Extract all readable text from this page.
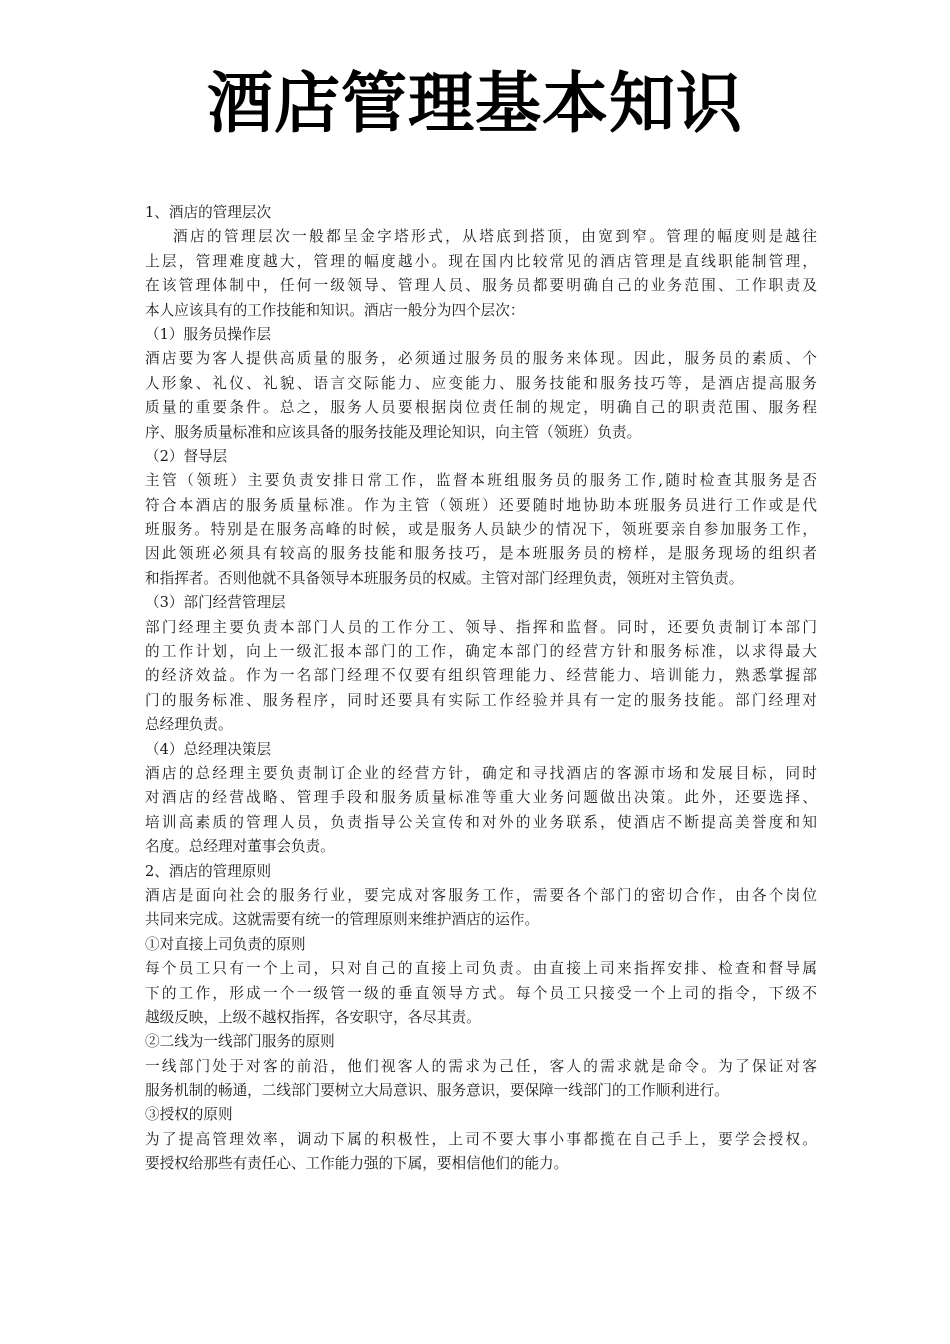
酒店管理基本知识
1、酒店的管理层次
酒店的管理层次一般都呈金字塔形式，从塔底到搭顶，由宽到窄。管理的幅度则是越往
上层，管理难度越大，管理的幅度越小。现在国内比较常见的酒店管理是直线职能制管理，
在该管理体制中，任何一级领导、管理人员、服务员都要明确自己的业务范围、工作职责及
本人应该具有的工作技能和知识。酒店一般分为四个层次：
（1）服务员操作层
酒店要为客人提供高质量的服务，必须通过服务员的服务来体现。因此，服务员的素质、个
人形象、礼仪、礼貌、语言交际能力、应变能力、服务技能和服务技巧等，是酒店提高服务
质量的重要条件。总之，服务人员要根据岗位责任制的规定，明确自己的职责范围、服务程
序、服务质量标准和应该具备的服务技能及理论知识，向主管（领班）负责。
（2）督导层
主管（领班）主要负责安排日常工作，监督本班组服务员的服务工作,随时检查其服务是否
符合本酒店的服务质量标准。作为主管（领班）还要随时地协助本班服务员进行工作或是代
班服务。特别是在服务高峰的时候，或是服务人员缺少的情况下，领班要亲自参加服务工作，
因此领班必须具有较高的服务技能和服务技巧，是本班服务员的榜样，是服务现场的组织者
和指挥者。否则他就不具备领导本班服务员的权威。主管对部门经理负责，领班对主管负责。
（3）部门经营管理层
部门经理主要负责本部门人员的工作分工、领导、指挥和监督。同时，还要负责制订本部门
的工作计划，向上一级汇报本部门的工作，确定本部门的经营方针和服务标准，以求得最大
的经济效益。作为一名部门经理不仅要有组织管理能力、经营能力、培训能力，熟悉掌握部
门的服务标准、服务程序，同时还要具有实际工作经验并具有一定的服务技能。部门经理对
总经理负责。
（4）总经理决策层
酒店的总经理主要负责制订企业的经营方针，确定和寻找酒店的客源市场和发展目标，同时
对酒店的经营战略、管理手段和服务质量标准等重大业务问题做出决策。此外，还要选择、
培训高素质的管理人员，负责指导公关宣传和对外的业务联系，使酒店不断提高美誉度和知
名度。总经理对董事会负责。
2、酒店的管理原则
酒店是面向社会的服务行业，要完成对客服务工作，需要各个部门的密切合作，由各个岗位
共同来完成。这就需要有统一的管理原则来维护酒店的运作。
①对直接上司负责的原则
每个员工只有一个上司，只对自己的直接上司负责。由直接上司来指挥安排、检查和督导属
下的工作，形成一个一级管一级的垂直领导方式。每个员工只接受一个上司的指令，下级不
越级反映，上级不越权指挥，各安职守，各尽其责。
②二线为一线部门服务的原则
一线部门处于对客的前沿，他们视客人的需求为己任，客人的需求就是命令。为了保证对客
服务机制的畅通，二线部门要树立大局意识、服务意识，要保障一线部门的工作顺利进行。
③授权的原则
为了提高管理效率，调动下属的积极性，上司不要大事小事都揽在自己手上，要学会授权。
要授权给那些有责任心、工作能力强的下属，要相信他们的能力。
